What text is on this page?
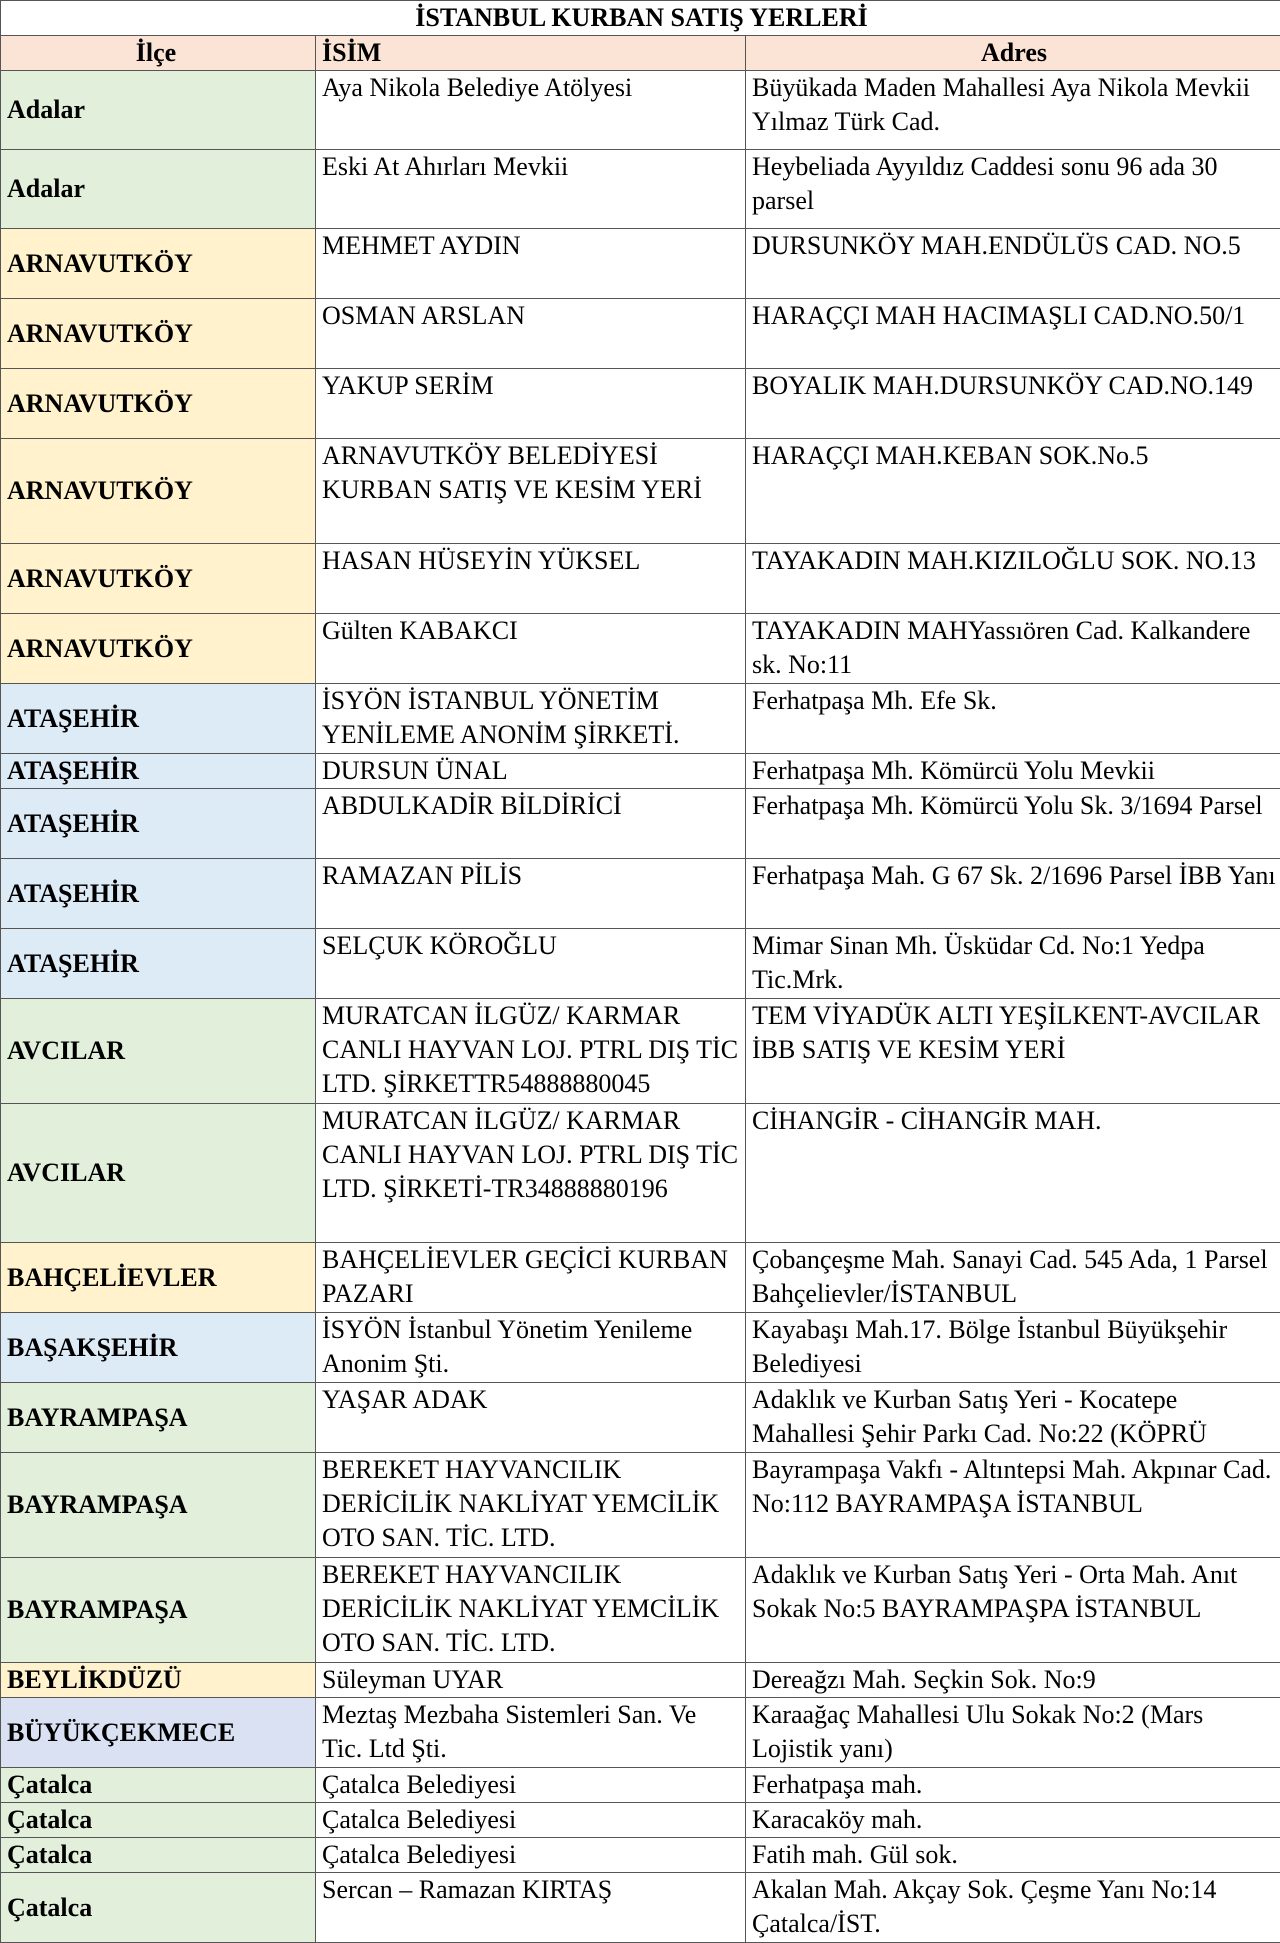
İSTANBUL KURBAN SATIŞ YERLERİ		
İlçe	İSİM	Adres
Adalar	Aya Nikola Belediye Atölyesi	Büyükada Maden Mahallesi Aya Nikola Mevkii Yılmaz Türk Cad.
Adalar	Eski At Ahırları Mevkii	Heybeliada Ayyıldız Caddesi sonu 96 ada 30 parsel
ARNAVUTKÖY	MEHMET AYDIN	DURSUNKÖY MAH.ENDÜLÜS CAD. NO.5
ARNAVUTKÖY	OSMAN ARSLAN	HARAÇÇI MAH HACIMAŞLI CAD.NO.50/1
ARNAVUTKÖY	YAKUP SERİM	BOYALIK MAH.DURSUNKÖY CAD.NO.149
ARNAVUTKÖY	ARNAVUTKÖY BELEDİYESİ KURBAN SATIŞ VE KESİM YERİ	HARAÇÇI MAH.KEBAN SOK.No.5
ARNAVUTKÖY	HASAN HÜSEYİN YÜKSEL	TAYAKADIN MAH.KIZILOĞLU SOK. NO.13
ARNAVUTKÖY	Gülten KABAKCI	TAYAKADIN MAHYassıören Cad. Kalkandere sk. No:11
ATAŞEHİR	İSYÖN İSTANBUL YÖNETİM YENİLEME ANONİM ŞİRKETİ.	Ferhatpaşa Mh. Efe Sk.
ATAŞEHİR	DURSUN ÜNAL	Ferhatpaşa Mh. Kömürcü Yolu Mevkii
ATAŞEHİR	ABDULKADİR BİLDİRİCİ	Ferhatpaşa Mh. Kömürcü Yolu Sk. 3/1694 Parsel
ATAŞEHİR	RAMAZAN PİLİS	Ferhatpaşa Mah. G 67 Sk. 2/1696 Parsel İBB Yanı
ATAŞEHİR	SELÇUK KÖROĞLU	Mimar Sinan Mh. Üsküdar Cd. No:1 Yedpa Tic.Mrk.
AVCILAR	MURATCAN İLGÜZ/ KARMAR CANLI HAYVAN LOJ. PTRL DIŞ TİC LTD. ŞİRKETTR54888880045	TEM VİYADÜK ALTI YEŞİLKENT-AVCILAR İBB SATIŞ VE KESİM YERİ
AVCILAR	MURATCAN İLGÜZ/ KARMAR CANLI HAYVAN LOJ. PTRL DIŞ TİC LTD. ŞİRKETİ-TR34888880196	CİHANGİR - CİHANGİR MAH.
BAHÇELİEVLER	BAHÇELİEVLER GEÇİCİ KURBAN PAZARI	Çobançeşme Mah. Sanayi Cad. 545 Ada, 1 Parsel Bahçelievler/İSTANBUL
BAŞAKŞEHİR	İSYÖN İstanbul Yönetim Yenileme Anonim Şti.	Kayabaşı Mah.17. Bölge İstanbul Büyükşehir Belediyesi
BAYRAMPAŞA	YAŞAR ADAK	Adaklık ve Kurban Satış Yeri - Kocatepe Mahallesi Şehir Parkı Cad. No:22 (KÖPRÜ
BAYRAMPAŞA	BEREKET HAYVANCILIK DERİCİLİK NAKLİYAT YEMCİLİK OTO SAN. TİC. LTD.	Bayrampaşa Vakfı - Altıntepsi Mah. Akpınar Cad. No:112 BAYRAMPAŞA İSTANBUL
BAYRAMPAŞA	BEREKET HAYVANCILIK DERİCİLİK NAKLİYAT YEMCİLİK OTO SAN. TİC. LTD.	Adaklık ve Kurban Satış Yeri - Orta Mah. Anıt Sokak No:5 BAYRAMPAŞPA İSTANBUL
BEYLİKDÜZÜ	Süleyman UYAR	Dereağzı Mah. Seçkin Sok. No:9
BÜYÜKÇEKMECE	Meztaş Mezbaha Sistemleri San. Ve Tic. Ltd Şti.	Karaağaç Mahallesi Ulu Sokak No:2 (Mars Lojistik yanı)
Çatalca	Çatalca Belediyesi	Ferhatpaşa mah.
Çatalca	Çatalca Belediyesi	Karacaköy mah.
Çatalca	Çatalca Belediyesi	Fatih mah. Gül sok.
Çatalca	Sercan – Ramazan KIRTAŞ	Akalan Mah. Akçay Sok. Çeşme Yanı No:14 Çatalca/İST.
